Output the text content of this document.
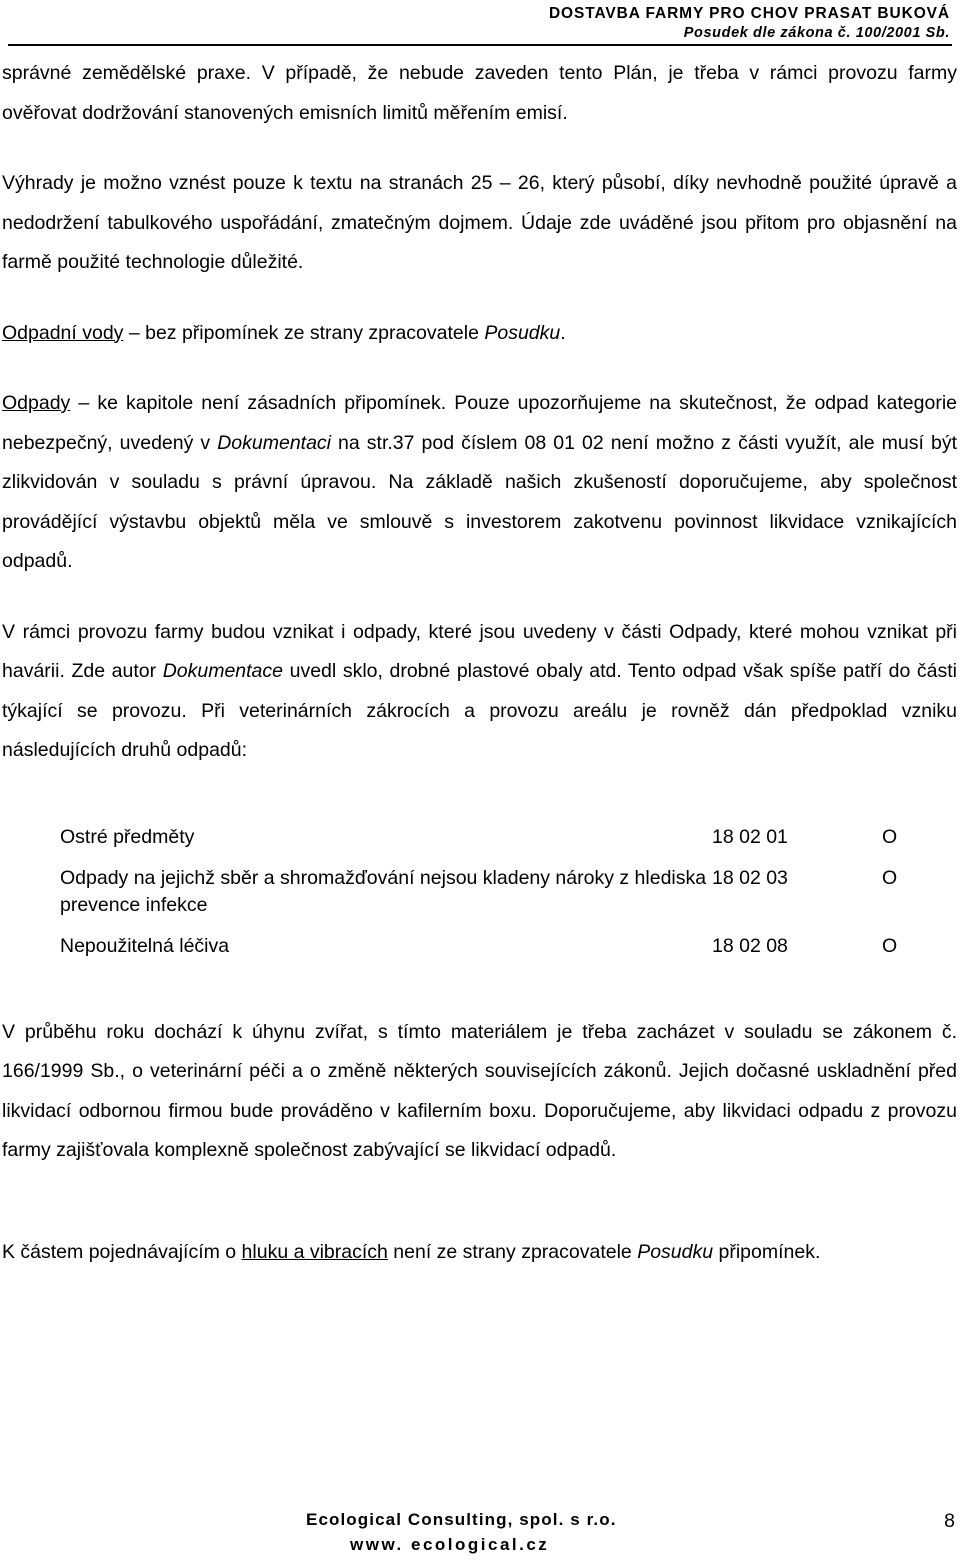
DOSTAVBA FARMY PRO CHOV PRASAT BUKOVÁ
Posudek dle zákona č. 100/2001 Sb.

správné zemědělské praxe. V případě, že nebude zaveden tento Plán, je třeba v rámci provozu farmy ověřovat dodržování stanovených emisních limitů měřením emisí.

Výhrady je možno vznést pouze k textu na stranách 25 – 26, který působí, díky nevhodně použité úpravě a nedodržení tabulkového uspořádání, zmatečným dojmem. Údaje zde uváděné jsou přitom pro objasnění na farmě použité technologie důležité.

Odpadní vody – bez připomínek ze strany zpracovatele Posudku.

Odpady – ke kapitole není zásadních připomínek. Pouze upozorňujeme na skutečnost, že odpad kategorie nebezpečný, uvedený v Dokumentaci na str.37 pod číslem 08 01 02 není možno z části využít, ale musí být zlikvidován v souladu s právní úpravou. Na základě našich zkušeností doporučujeme, aby společnost provádějící výstavbu objektů měla ve smlouvě s investorem zakotvenu povinnost likvidace vznikajících odpadů.

V rámci provozu farmy budou vznikat i odpady, které jsou uvedeny v části Odpady, které mohou vznikat při havárii. Zde autor Dokumentace uvedl sklo, drobné plastové obaly atd. Tento odpad však spíše patří do části týkající se provozu. Při veterinárních zákrocích a provozu areálu je rovněž dán předpoklad vzniku následujících druhů odpadů:

Ostré předměty	18 02 01	O
Odpady na jejichž sběr a shromažďování nejsou kladeny nároky z hlediska prevence infekce	18 02 03	O
Nepoužitelná léčiva	18 02 08	O

V průběhu roku dochází k úhynu zvířat, s tímto materiálem je třeba zacházet v souladu se zákonem č. 166/1999 Sb., o veterinární péči a o změně některých souvisejících zákonů. Jejich dočasné uskladnění před likvidací odbornou firmou bude prováděno v kafilerním boxu. Doporučujeme, aby likvidaci odpadu z provozu farmy zajišťovala komplexně společnost zabývající se likvidací odpadů.

K částem pojednávajícím o hluku a vibracích není ze strany zpracovatele Posudku připomínek.

Ecological Consulting, spol. s r.o.
www. ecological.cz
8
